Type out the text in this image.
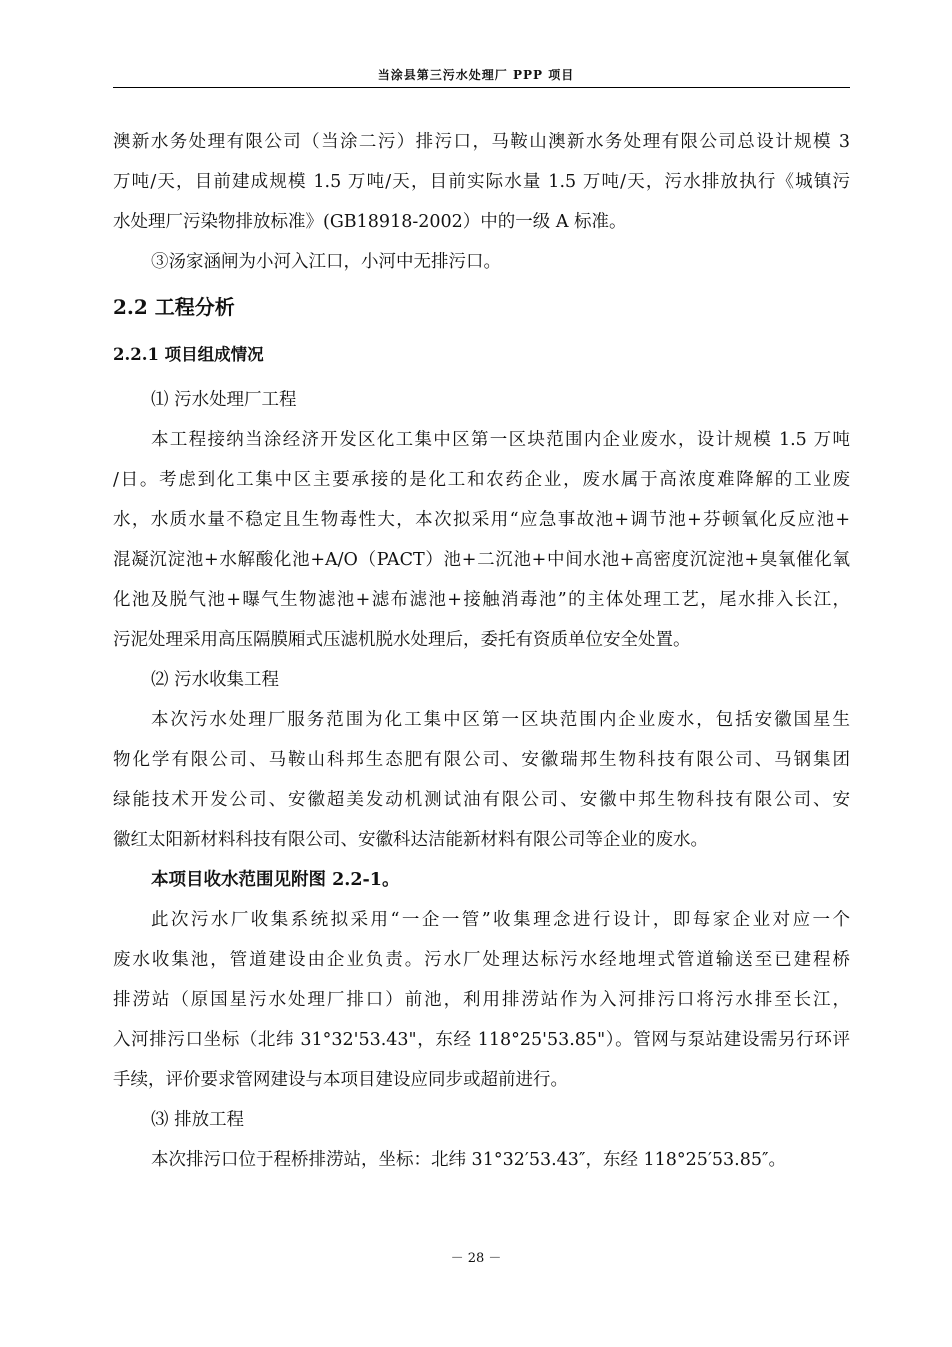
当涂县第三污水处理厂 PPP 项目
澳新水务处理有限公司（当涂二污）排污口，马鞍山澳新水务处理有限公司总设计规模 3
万吨/天，目前建成规模 1.5 万吨/天，目前实际水量 1.5 万吨/天，污水排放执行《城镇污
水处理厂污染物排放标准》(GB18918-2002）中的一级 A 标准。
③汤家涵闸为小河入江口，小河中无排污口。
2.2 工程分析
2.2.1 项目组成情况
⑴ 污水处理厂工程
本工程接纳当涂经济开发区化工集中区第一区块范围内企业废水，设计规模 1.5 万吨
/日。考虑到化工集中区主要承接的是化工和农药企业，废水属于高浓度难降解的工业废
水，水质水量不稳定且生物毒性大，本次拟采用“应急事故池+调节池+芬顿氧化反应池+
混凝沉淀池+水解酸化池+A/O（PACT）池+二沉池+中间水池+高密度沉淀池+臭氧催化氧
化池及脱气池+曝气生物滤池+滤布滤池+接触消毒池”的主体处理工艺，尾水排入长江，
污泥处理采用高压隔膜厢式压滤机脱水处理后，委托有资质单位安全处置。
⑵ 污水收集工程
本次污水处理厂服务范围为化工集中区第一区块范围内企业废水，包括安徽国星生
物化学有限公司、马鞍山科邦生态肥有限公司、安徽瑞邦生物科技有限公司、马钢集团
绿能技术开发公司、安徽超美发动机测试油有限公司、安徽中邦生物科技有限公司、安
徽红太阳新材料科技有限公司、安徽科达洁能新材料有限公司等企业的废水。
本项目收水范围见附图 2.2-1。
此次污水厂收集系统拟采用“一企一管”收集理念进行设计，即每家企业对应一个
废水收集池，管道建设由企业负责。污水厂处理达标污水经地埋式管道输送至已建程桥
排涝站（原国星污水处理厂排口）前池，利用排涝站作为入河排污口将污水排至长江，
入河排污口坐标（北纬 31°32'53.43"，东经 118°25'53.85"）。管网与泵站建设需另行环评
手续，评价要求管网建设与本项目建设应同步或超前进行。
⑶ 排放工程
本次排污口位于程桥排涝站，坐标：北纬 31°32′53.43″，东经 118°25′53.85″。
－ 28 －
